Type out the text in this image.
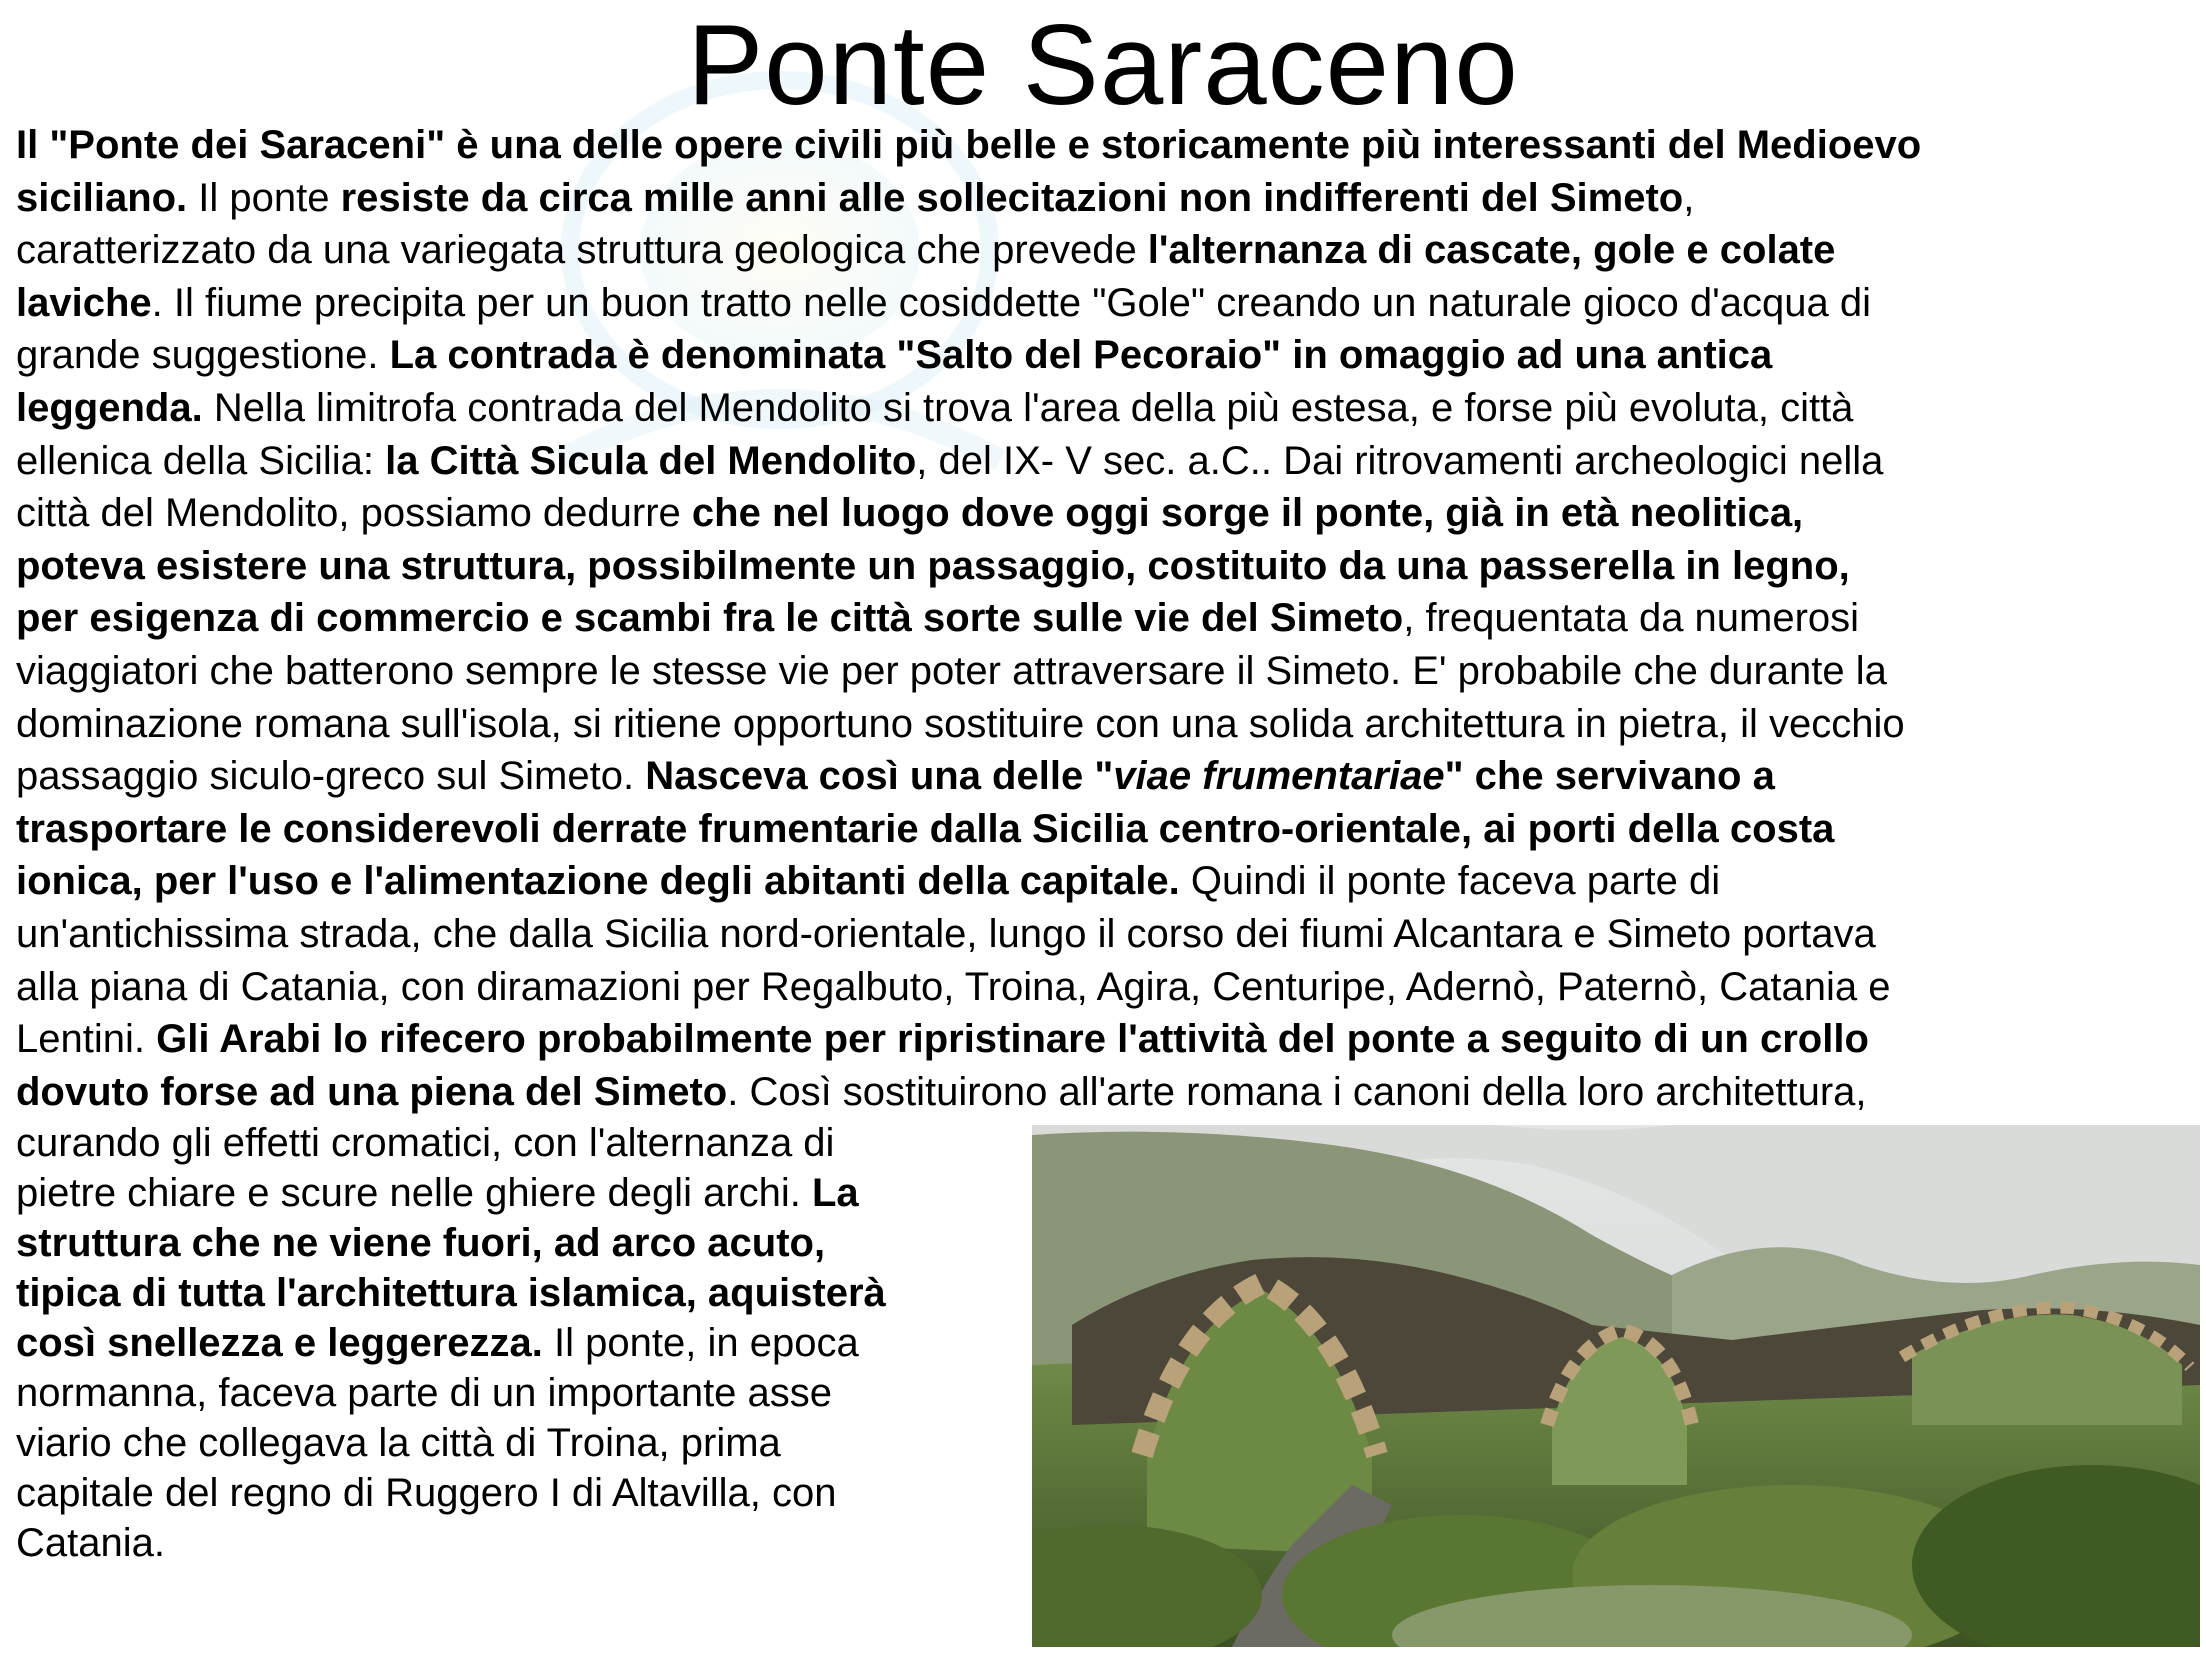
Ponte Saraceno
Il "Ponte dei Saraceni" è una delle opere civili più belle e storicamente più interessanti del Medioevo
siciliano. Il ponte resiste da circa mille anni alle sollecitazioni non indifferenti del Simeto,
caratterizzato da una variegata struttura geologica che prevede l'alternanza di cascate, gole e colate
laviche. Il fiume precipita per un buon tratto nelle cosiddette "Gole" creando un naturale gioco d'acqua di
grande suggestione. La contrada è denominata "Salto del Pecoraio" in omaggio ad una antica
leggenda. Nella limitrofa contrada del Mendolito si trova l'area della più estesa, e forse più evoluta, città
ellenica della Sicilia: la Città Sicula del Mendolito, del IX- V sec. a.C.. Dai ritrovamenti archeologici nella
città del Mendolito, possiamo dedurre che nel luogo dove oggi sorge il ponte, già in età neolitica,
poteva esistere una struttura, possibilmente un passaggio, costituito da una passerella in legno,
per esigenza di commercio e scambi fra le città sorte sulle vie del Simeto, frequentata da numerosi
viaggiatori che batterono sempre le stesse vie per poter attraversare il Simeto. E' probabile che durante la
dominazione romana sull'isola, si ritiene opportuno sostituire con una solida architettura in pietra, il vecchio
passaggio siculo-greco sul Simeto. Nasceva così una delle "viae frumentariae" che servivano a
trasportare le considerevoli derrate frumentarie dalla Sicilia centro-orientale, ai porti della costa
ionica, per l'uso e l'alimentazione degli abitanti della capitale. Quindi il ponte faceva parte di
un'antichissima strada, che dalla Sicilia nord-orientale, lungo il corso dei fiumi Alcantara e Simeto portava
alla piana di Catania, con diramazioni per Regalbuto, Troina, Agira, Centuripe, Adernò, Paternò, Catania e
Lentini. Gli Arabi lo rifecero probabilmente per ripristinare l'attività del ponte a seguito di un crollo
dovuto forse ad una piena del Simeto. Così sostituirono all'arte romana i canoni della loro architettura,
curando gli effetti cromatici, con l'alternanza di
pietre chiare e scure nelle ghiere degli archi. La
struttura che ne viene fuori, ad arco acuto,
tipica di tutta l'architettura islamica, aquisterà
così snellezza e leggerezza. Il ponte, in epoca
normanna, faceva parte di un importante asse
viario che collegava la città di Troina, prima
capitale del regno di Ruggero I di Altavilla, con
Catania.
